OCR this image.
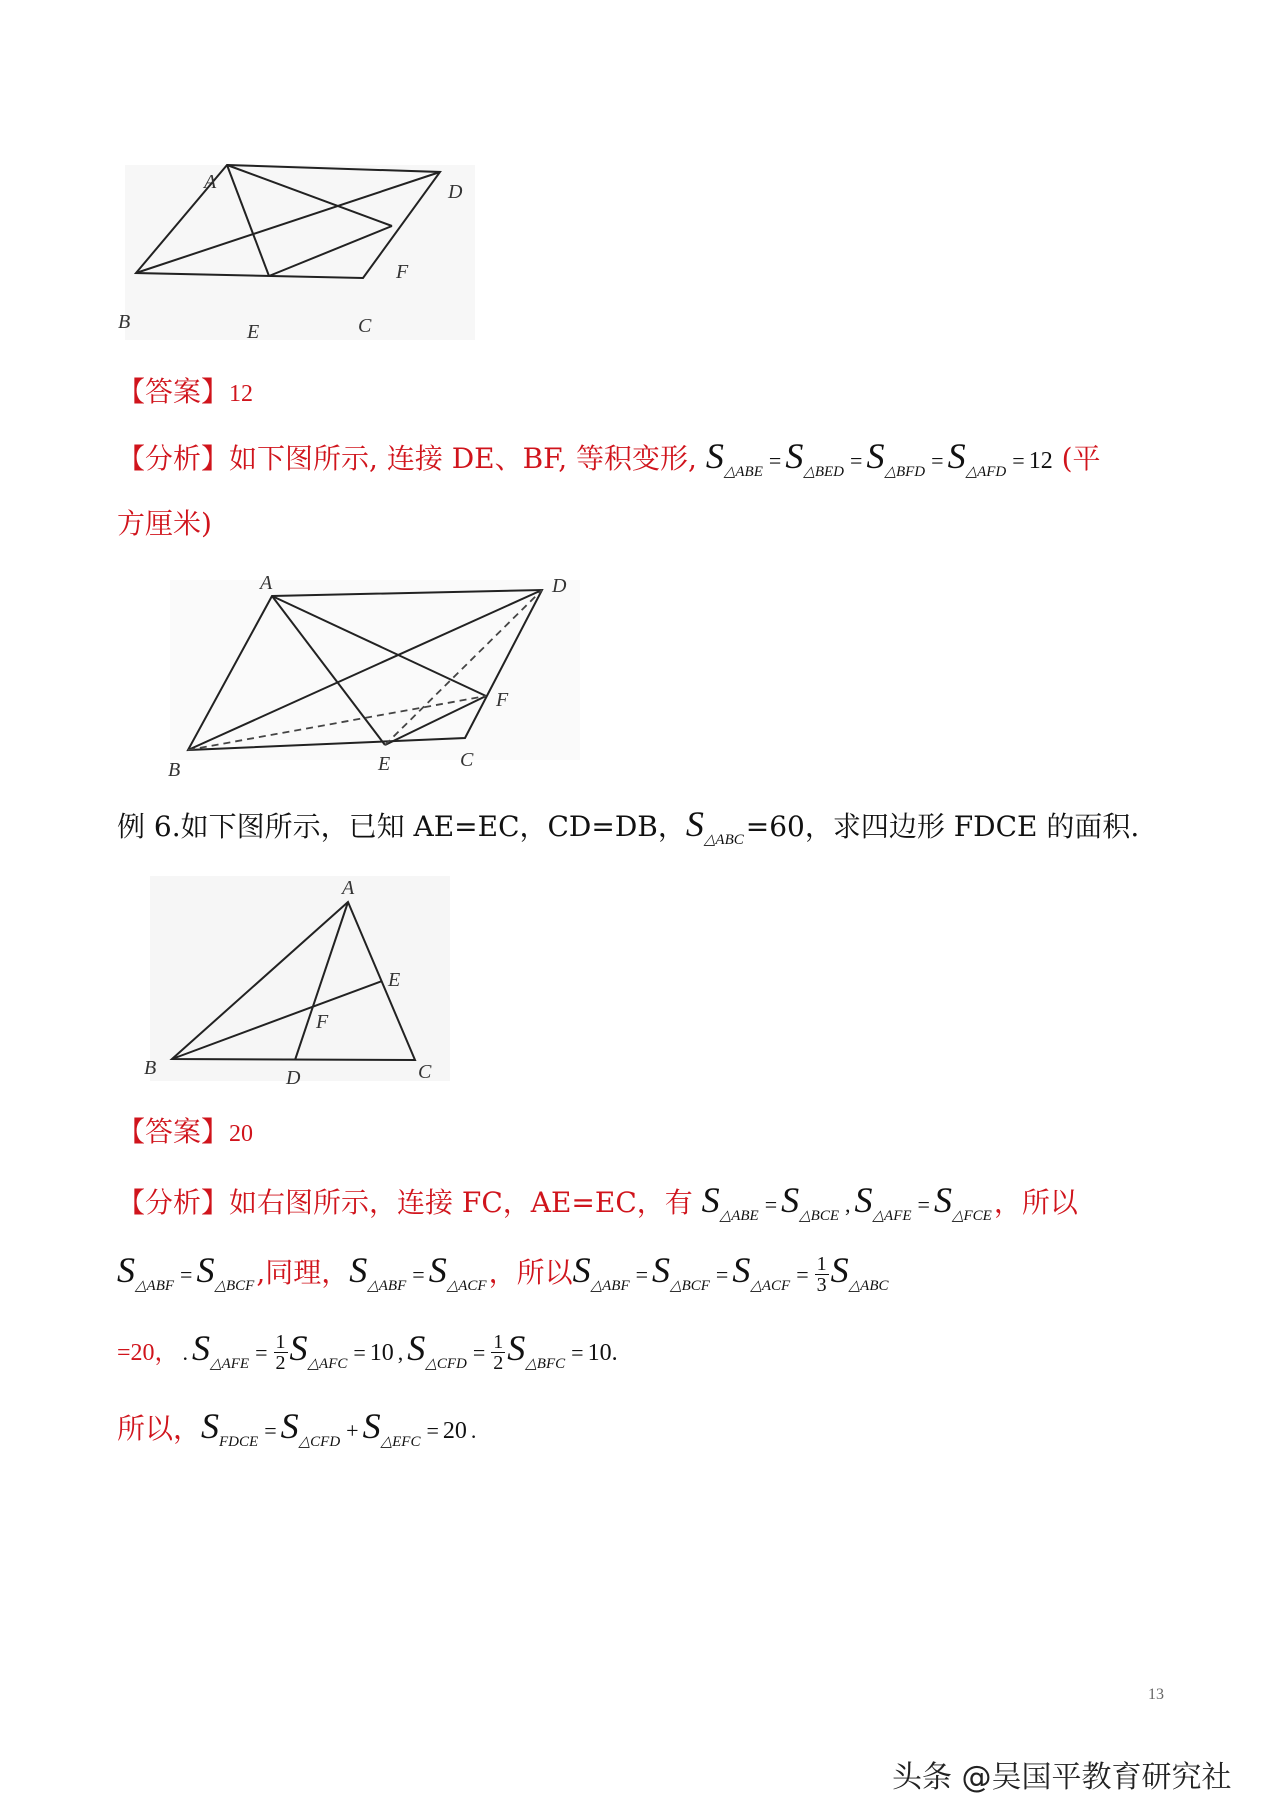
A	D
B	E	C
F
【答案】12
【分析】如下图所示, 连接 DE、BF, 等积变形, $S_{\triangle ABE} = S_{\triangle BED} = S_{\triangle BFD} = S_{\triangle AFD} = 12$ (平
方厘米)
A	D
B	E	C
F
例 6.如下图所示，已知 AE=EC，CD=DB，$S_{\triangle ABC}=60$，求四边形 FDCE 的面积.
A
E
F
B	D	C
【答案】20
【分析】如右图所示，连接 FC，AE=EC，有 $S_{\triangle ABE} = S_{\triangle BCE}$ , $S_{\triangle AFE} = S_{\triangle FCE}$，所以
$S_{\triangle ABF} = S_{\triangle BCF}$,同理，$S_{\triangle ABF} = S_{\triangle ACF}$，所以$S_{\triangle ABF} = S_{\triangle BCF} = S_{\triangle ACF} = \frac{1}{3} S_{\triangle ABC}$
=20， . $S_{\triangle AFE} = \frac{1}{2} S_{\triangle AFC} = 10$ , $S_{\triangle CFD} = \frac{1}{2} S_{\triangle BFC} = 10$.
所以，$S_{FDCE} = S_{\triangle CFD} + S_{\triangle EFC} = 20$ .
13
头条 @吴国平教育研究社
